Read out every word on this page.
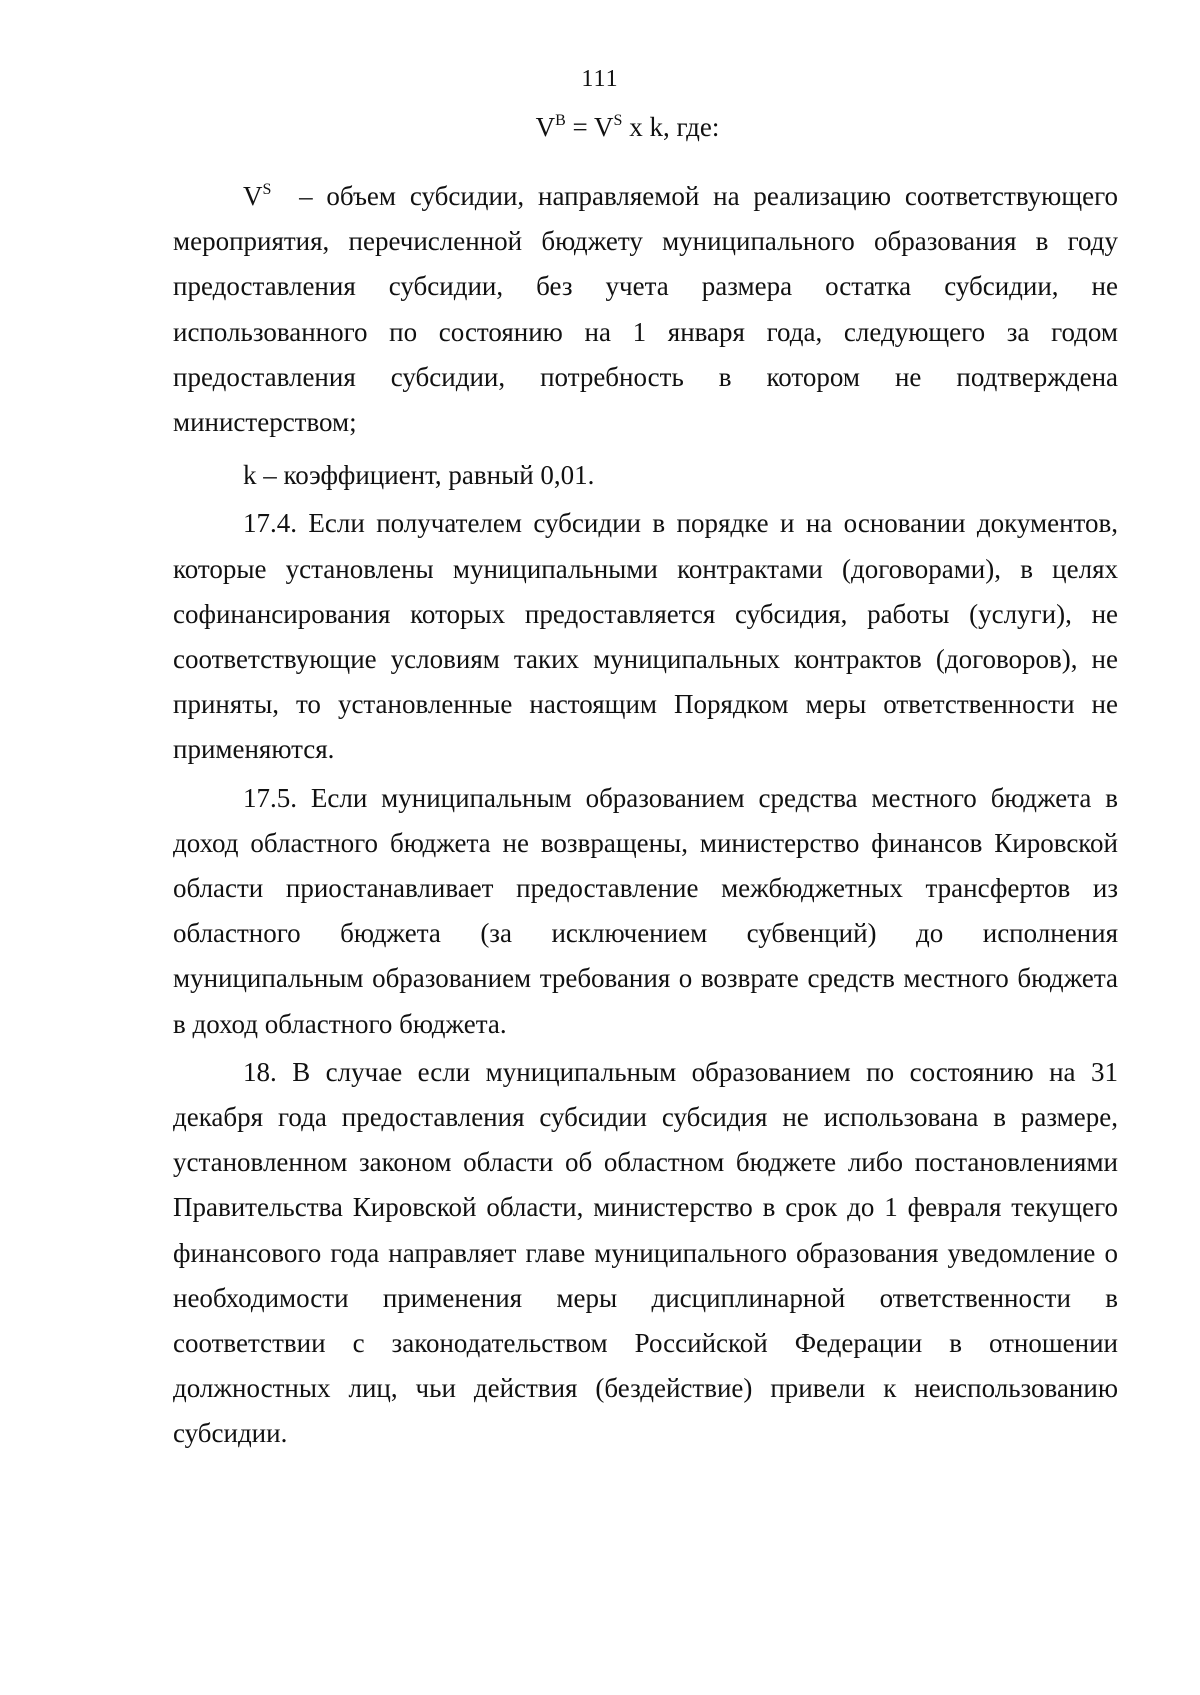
111
$V^B = V^S$ x k, где:

$V^S$  – объем субсидии, направляемой на реализацию соответствующего мероприятия, перечисленной бюджету муниципального образования в году предоставления субсидии, без учета размера остатка субсидии, не использованного по состоянию на 1 января года, следующего за годом предоставления субсидии, потребность в котором не подтверждена министерством;

k – коэффициент, равный 0,01.

17.4. Если получателем субсидии в порядке и на основании документов, которые установлены муниципальными контрактами (договорами), в целях софинансирования которых предоставляется субсидия, работы (услуги), не соответствующие условиям таких муниципальных контрактов (договоров), не приняты, то установленные настоящим Порядком меры ответственности не применяются.

17.5. Если муниципальным образованием средства местного бюджета в доход областного бюджета не возвращены, министерство финансов Кировской области приостанавливает предоставление межбюджетных трансфертов из областного бюджета (за исключением субвенций) до исполнения муниципальным образованием требования о возврате средств местного бюджета в доход областного бюджета.

18. В случае если муниципальным образованием по состоянию на 31 декабря года предоставления субсидии субсидия не использована в размере, установленном законом области об областном бюджете либо постановлениями Правительства Кировской области, министерство в срок до 1 февраля текущего финансового года направляет главе муниципального образования уведомление о необходимости применения меры дисциплинарной ответственности в соответствии с законодательством Российской Федерации в отношении должностных лиц, чьи действия (бездействие) привели к неиспользованию субсидии.
